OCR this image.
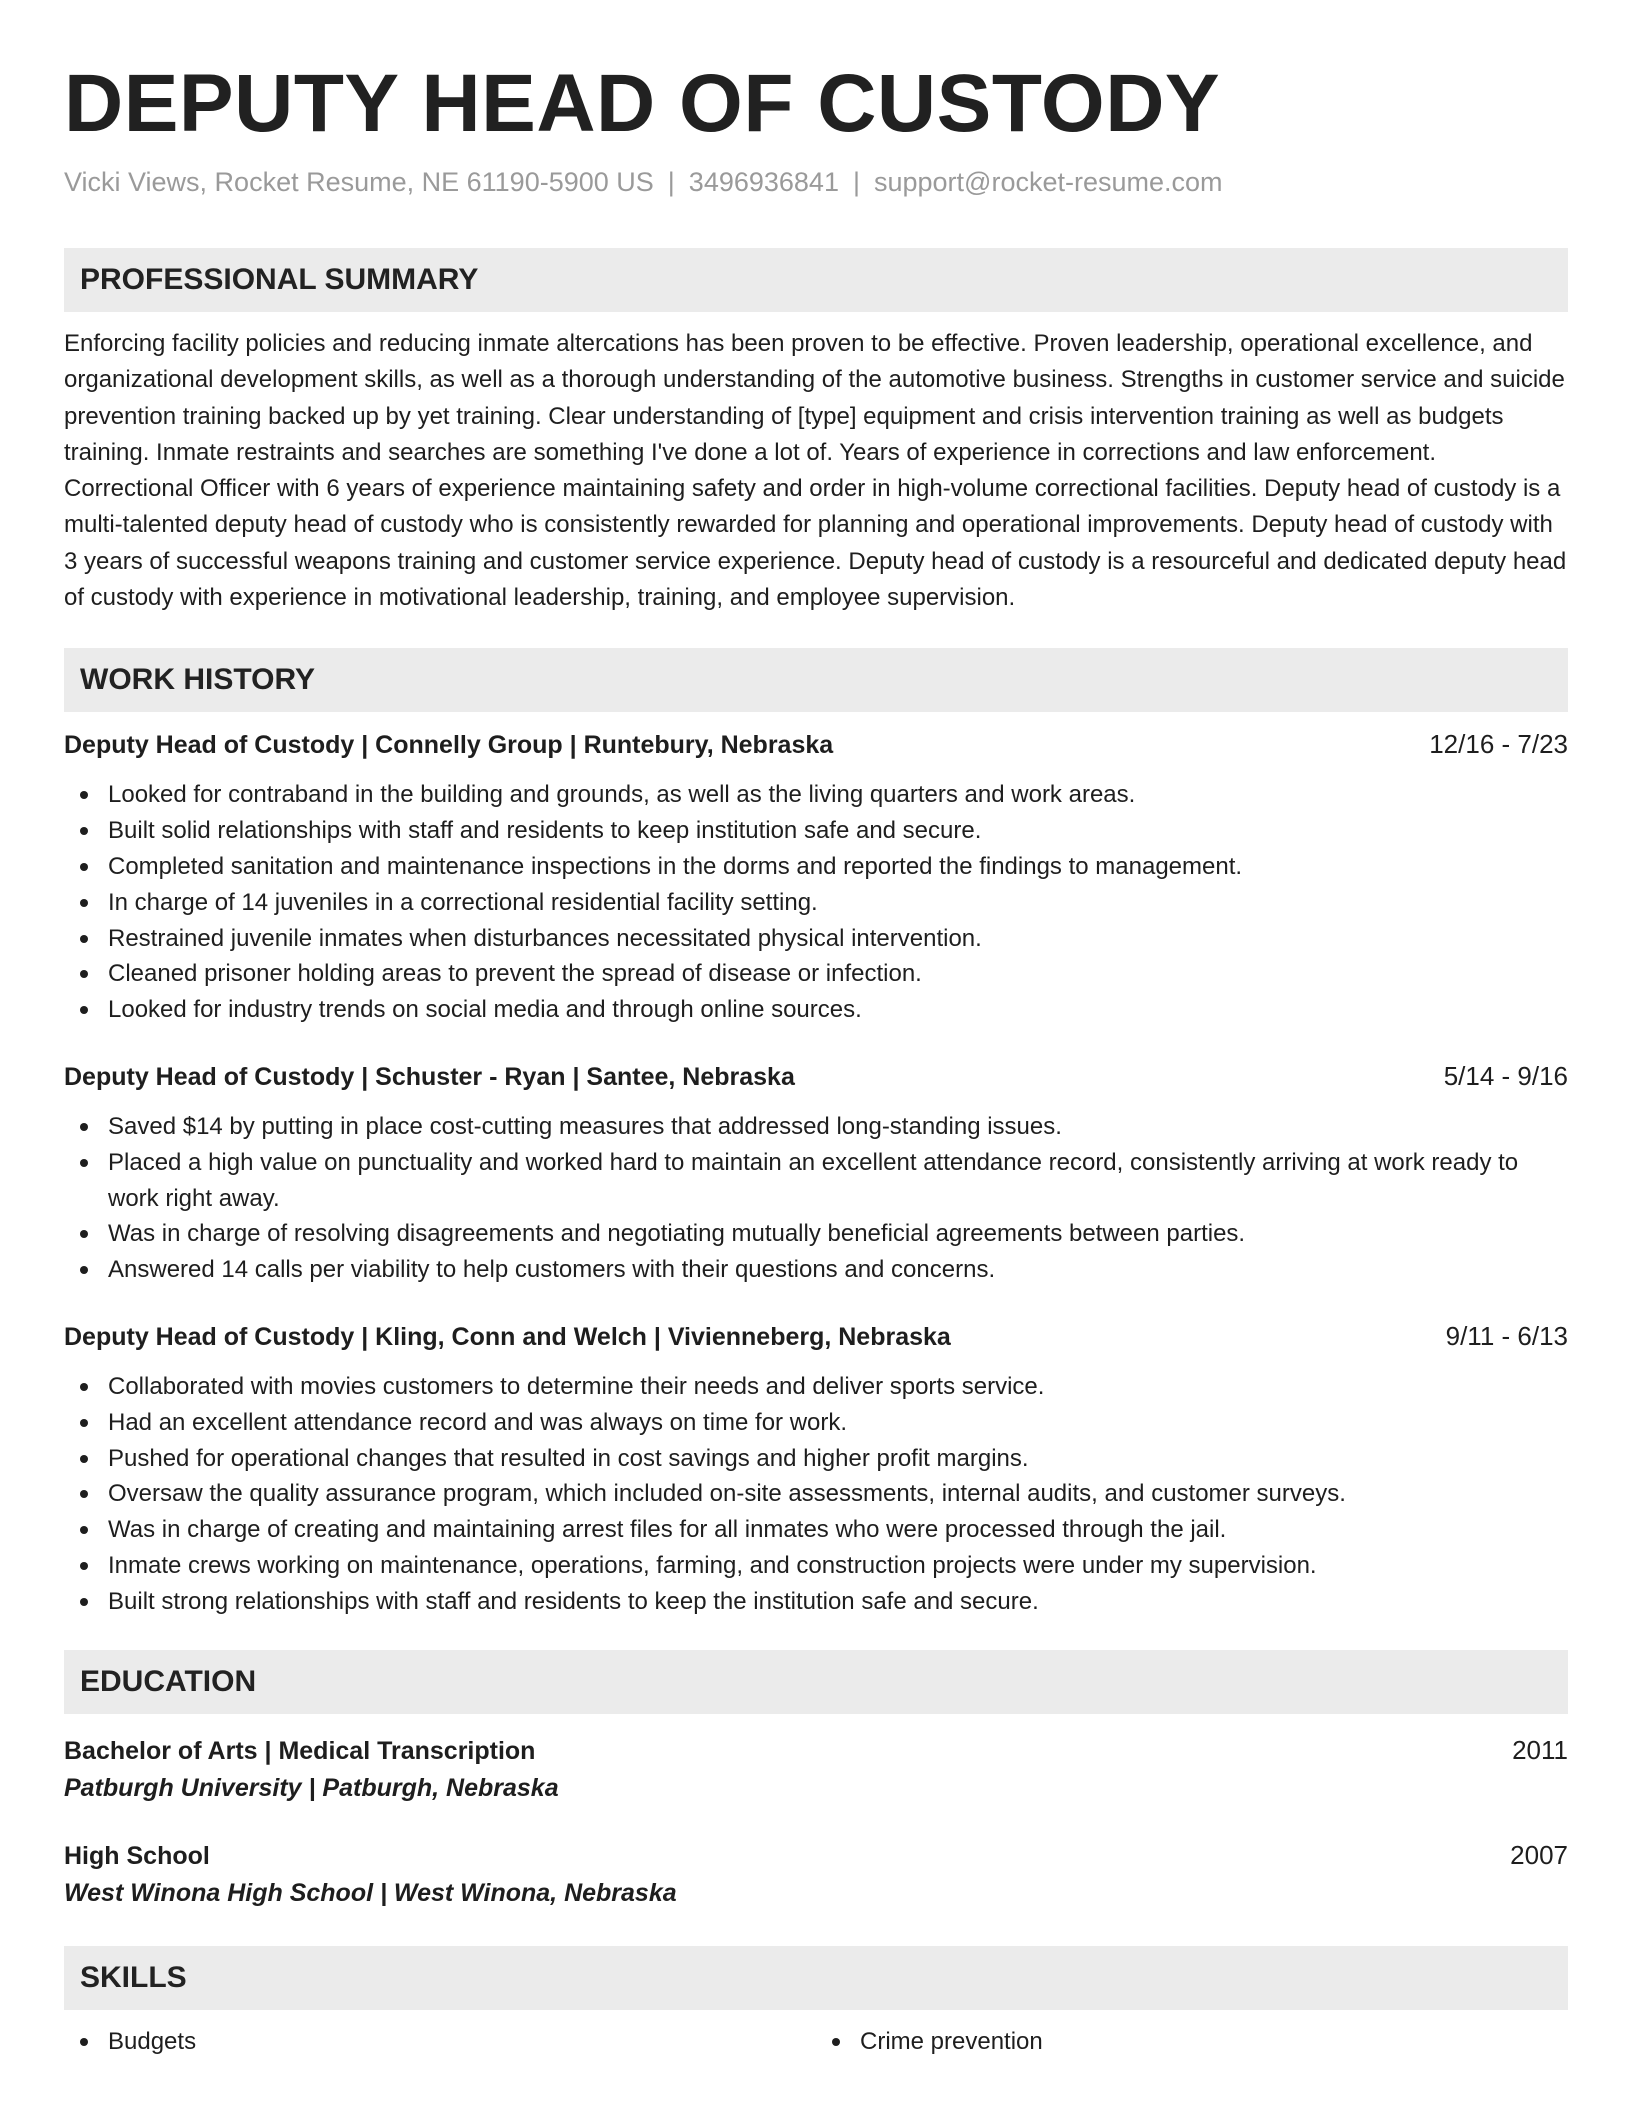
DEPUTY HEAD OF CUSTODY
Vicki Views, Rocket Resume, NE 61190-5900 US | 3496936841 | support@rocket-resume.com
PROFESSIONAL SUMMARY

Enforcing facility policies and reducing inmate altercations has been proven to be effective. Proven leadership, operational excellence, and organizational development skills, as well as a thorough understanding of the automotive business. Strengths in customer service and suicide prevention training backed up by yet training. Clear understanding of [type] equipment and crisis intervention training as well as budgets training. Inmate restraints and searches are something I've done a lot of. Years of experience in corrections and law enforcement. Correctional Officer with 6 years of experience maintaining safety and order in high-volume correctional facilities. Deputy head of custody is a multi-talented deputy head of custody who is consistently rewarded for planning and operational improvements. Deputy head of custody with 3 years of successful weapons training and customer service experience. Deputy head of custody is a resourceful and dedicated deputy head of custody with experience in motivational leadership, training, and employee supervision.

WORK HISTORY
Deputy Head of Custody | Connelly Group | Runtebury, Nebraska	12/16 - 7/23
Looked for contraband in the building and grounds, as well as the living quarters and work areas.
Built solid relationships with staff and residents to keep institution safe and secure.
Completed sanitation and maintenance inspections in the dorms and reported the findings to management.
In charge of 14 juveniles in a correctional residential facility setting.
Restrained juvenile inmates when disturbances necessitated physical intervention.
Cleaned prisoner holding areas to prevent the spread of disease or infection.
Looked for industry trends on social media and through online sources.
Deputy Head of Custody | Schuster - Ryan | Santee, Nebraska	5/14 - 9/16
Saved $14 by putting in place cost-cutting measures that addressed long-standing issues.
Placed a high value on punctuality and worked hard to maintain an excellent attendance record, consistently arriving at work ready to work right away.
Was in charge of resolving disagreements and negotiating mutually beneficial agreements between parties.
Answered 14 calls per viability to help customers with their questions and concerns.
Deputy Head of Custody | Kling, Conn and Welch | Vivienneberg, Nebraska	9/11 - 6/13
Collaborated with movies customers to determine their needs and deliver sports service.
Had an excellent attendance record and was always on time for work.
Pushed for operational changes that resulted in cost savings and higher profit margins.
Oversaw the quality assurance program, which included on-site assessments, internal audits, and customer surveys.
Was in charge of creating and maintaining arrest files for all inmates who were processed through the jail.
Inmate crews working on maintenance, operations, farming, and construction projects were under my supervision.
Built strong relationships with staff and residents to keep the institution safe and secure.
EDUCATION
Bachelor of Arts | Medical Transcription	2011
Patburgh University | Patburgh, Nebraska
High School	2007
West Winona High School | West Winona, Nebraska
SKILLS
Budgets	Crime prevention
